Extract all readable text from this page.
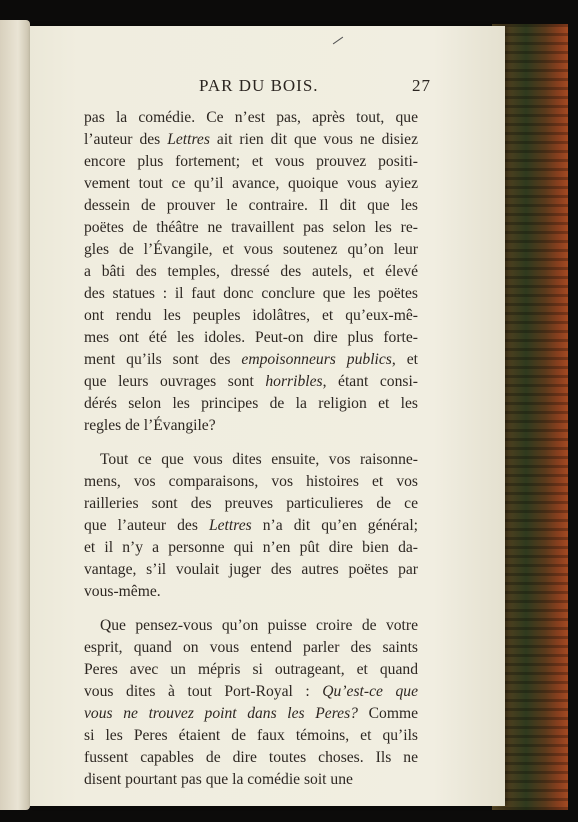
PAR DU BOIS.	27
pas la comédie. Ce n’est pas, après tout, que
l’auteur des Lettres ait rien dit que vous ne disiez
encore plus fortement; et vous prouvez positi-
vement tout ce qu’il avance, quoique vous ayiez
dessein de prouver le contraire. Il dit que les
poëtes de théâtre ne travaillent pas selon les re-
gles de l’Évangile, et vous soutenez qu’on leur
a bâti des temples, dressé des autels, et élevé
des statues : il faut donc conclure que les poëtes
ont rendu les peuples idolâtres, et qu’eux-mê-
mes ont été les idoles. Peut-on dire plus forte-
ment qu’ils sont des empoisonneurs publics, et
que leurs ouvrages sont horribles, étant consi-
dérés selon les principes de la religion et les
regles de l’Évangile?
Tout ce que vous dites ensuite, vos raisonne-
mens, vos comparaisons, vos histoires et vos
railleries sont des preuves particulieres de ce
que l’auteur des Lettres n’a dit qu’en général;
et il n’y a personne qui n’en pût dire bien da-
vantage, s’il voulait juger des autres poëtes par
vous-même.
Que pensez-vous qu’on puisse croire de votre
esprit, quand on vous entend parler des saints
Peres avec un mépris si outrageant, et quand
vous dites à tout Port-Royal : Qu’est-ce que
vous ne trouvez point dans les Peres? Comme
si les Peres étaient de faux témoins, et qu’ils
fussent capables de dire toutes choses. Ils ne
disent pourtant pas que la comédie soit une
